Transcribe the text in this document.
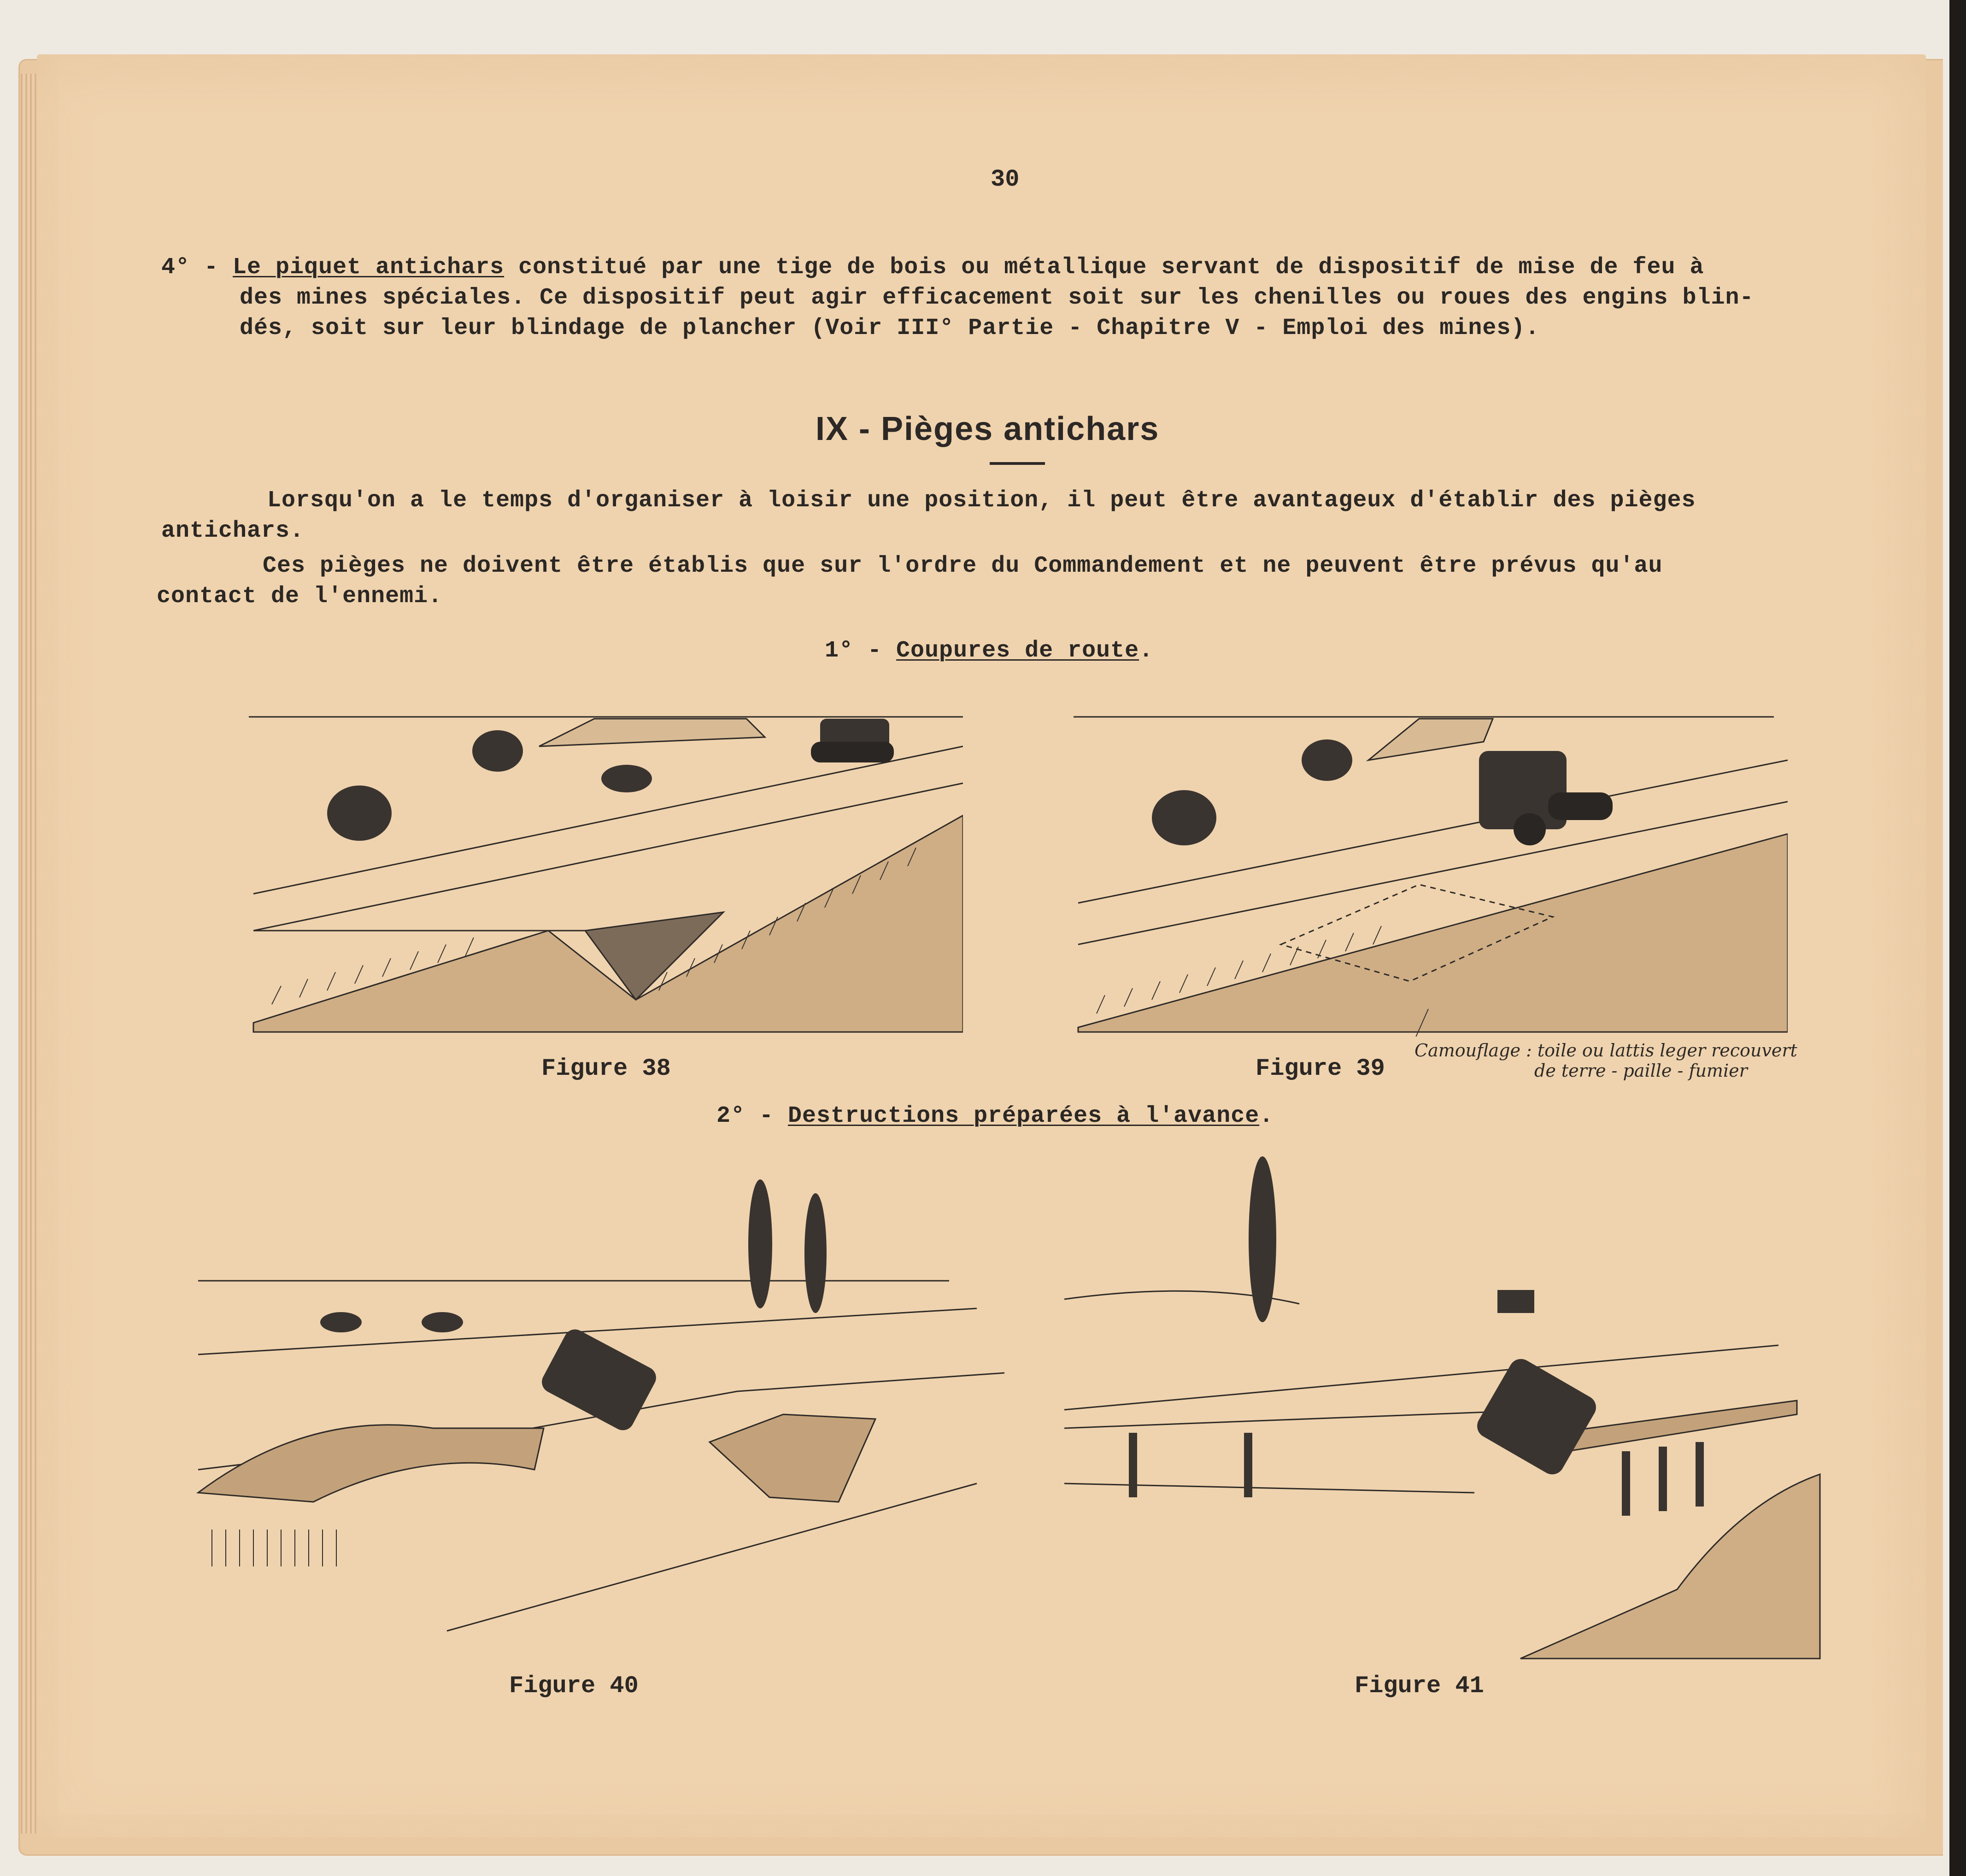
30
4° - Le piquet antichars constitué par une tige de bois ou métallique servant de dispositif de mise de feu à
des mines spéciales. Ce dispositif peut agir efficacement soit sur les chenilles ou roues des engins blin-
dés, soit sur leur blindage de plancher (Voir III° Partie - Chapitre V - Emploi des mines).
IX - Pièges antichars
Lorsqu'on a le temps d'organiser à loisir une position, il peut être avantageux d'établir des pièges
antichars.
Ces pièges ne doivent être établis que sur l'ordre du Commandement et ne peuvent être prévus qu'au
contact de l'ennemi.
1° - Coupures de route.
Figure 38	Figure 39
Camouflage : toile ou lattis leger recouvert
de terre - paille - fumier
2° - Destructions préparées à l'avance.
Figure 40	Figure 41
